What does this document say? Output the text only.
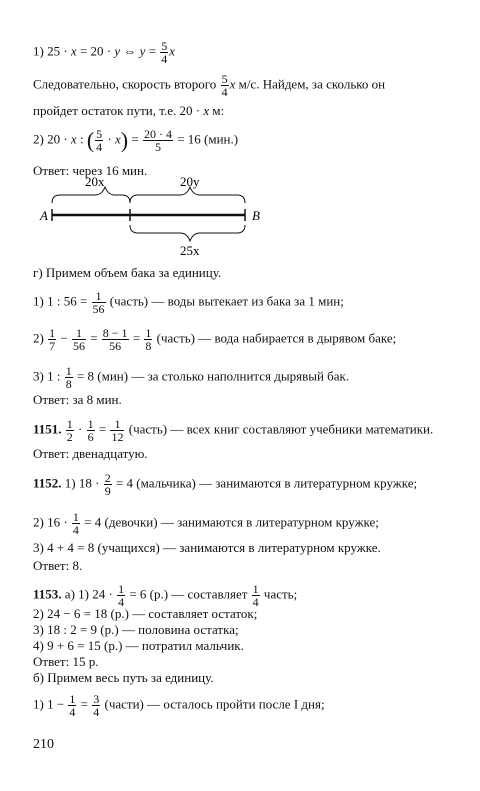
1) 25 · x = 20 · y ⇔ $y = \frac{5}{4}$ x
Следовательно, скорость второго $\frac{5}{4}$ x м/с. Найдем, за сколько он
пройдет остаток пути, т.е. 20 · x м:
2) 20 · x : ( $\frac{5}{4} \cdot x) = \frac{20 \cdot 4}{5} = 16$ (мин.)
Ответ: через 16 мин.
20x	20y
25x
A	B
г) Примем объем бака за единицу.
1) 1 : $56 = \frac{1}{56}$ (часть) — воды вытекает из бака за 1 мин;
$2) \frac{1}{7} - \frac{1}{56} = \frac{8 - 1}{56} = \frac{1}{8}$ (часть) — вода набирается в дырявом баке;
3) 1 : $\frac{1}{8} = 8$ (мин) — за столько наполнится дырявый бак.
Ответ: за 8 мин.
1151. $\frac{1}{2} \cdot \frac{1}{6} = \frac{1}{12}$ (часть) — всех книг составляют учебники математики.
Ответ: двенадцатую.
1152. 1) $18 \cdot \frac{2}{9} = 4$ (мальчика) — занимаются в литературном кружке;
2) $16 \cdot \frac{1}{4} = 4$ (девочки) — занимаются в литературном кружке;
3) 4 + 4 = 8 (учащихся) — занимаются в литературном кружке.
Ответ: 8.
1153. а) 1) $24 \cdot \frac{1}{4} = 6$ (р.) — составляет $\frac{1}{4}$ часть;
2) 24 − 6 = 18 (р.) — составляет остаток;
3) 18 : 2 = 9 (р.) — половина остатка;
4) 9 + 6 = 15 (р.) — потратил мальчик.
Ответ: 15 р.
б) Примем весь путь за единицу.
1) $1 - \frac{1}{4} = \frac{3}{4}$ (части) — осталось пройти после I дня;
210
